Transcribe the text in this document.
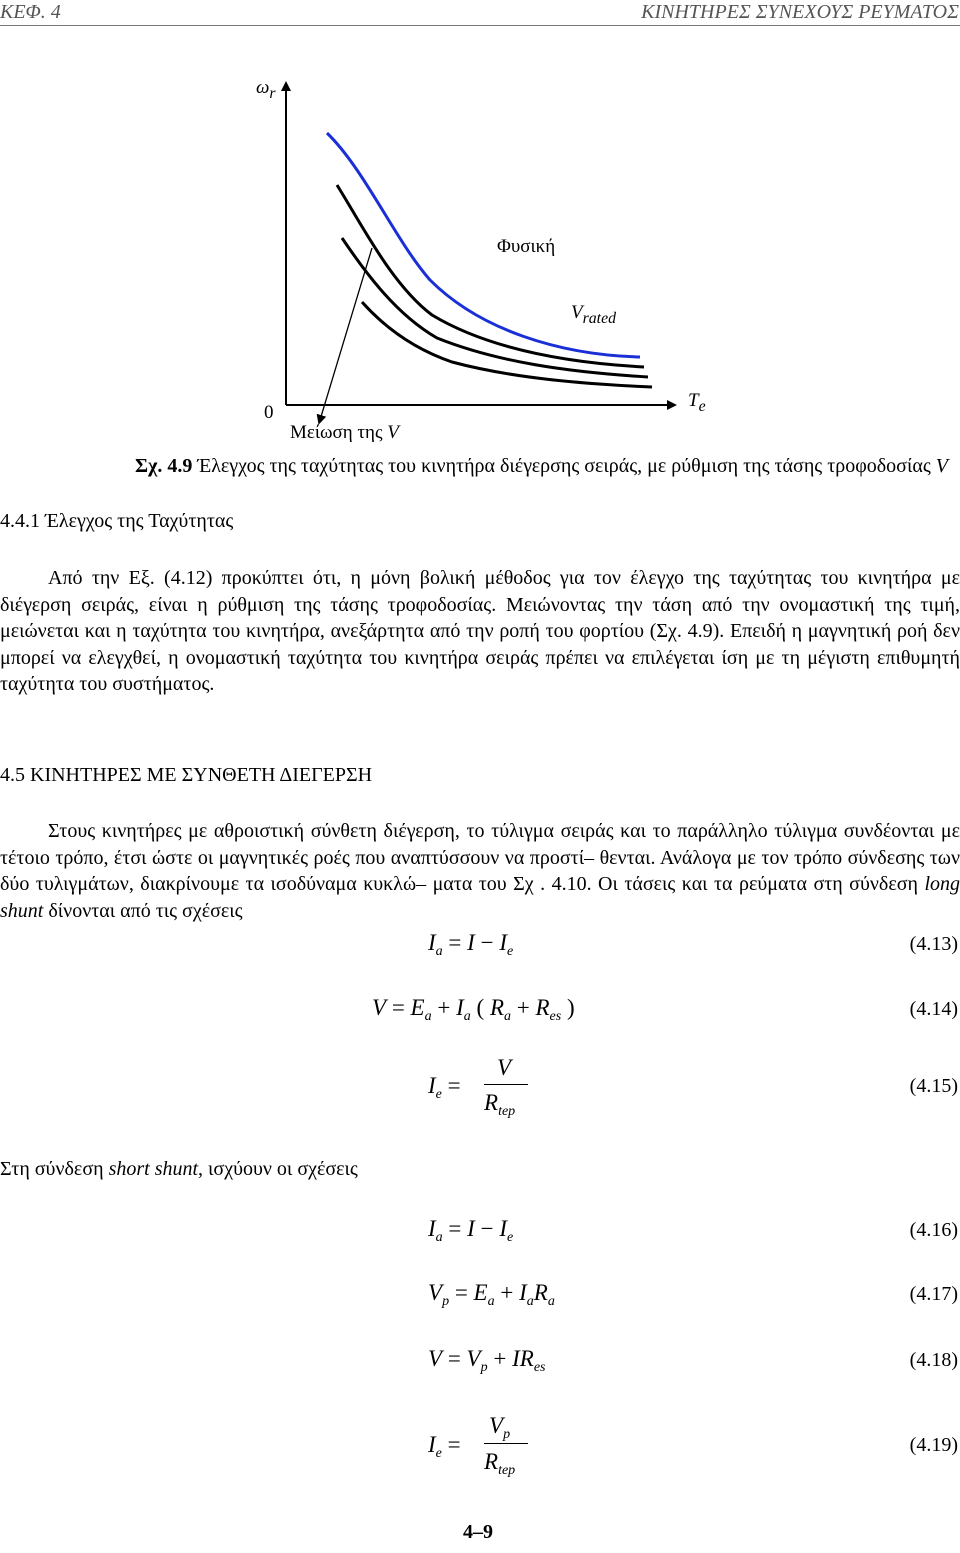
ΚΕΦ. 4	ΚΙΝΗΤΗΡΕΣ ΣΥΝΕΧΟΥΣ ΡΕΥΜΑΤΟΣ
$\omega_r$
$T_e$
0
Φυσική
$V_{rated}$
Μείωση της V
Σχ. 4.9 Έλεγχος της ταχύτητας του κινητήρα διέγερσης σειράς, με ρύθμιση της τάσης τροφοδοσίας V
4.4.1 Έλεγχος της Ταχύτητας

Από την Εξ. (4.12) προκύπτει ότι, η μόνη βολική μέθοδος για τον έλεγχο της ταχύτητας του κινητήρα με διέγερση σειράς, είναι η ρύθμιση της τάσης τροφοδοσίας. Μειώνοντας την τάση από την ονομαστική της τιμή, μειώνεται και η ταχύτητα του κινητήρα, ανεξάρτητα από την ροπή του φορτίου (Σχ. 4.9). Επειδή η μαγνητική ροή δεν μπορεί να ελεγχθεί, η ονομαστική ταχύτητα του κινητήρα σειράς πρέπει να επιλέγεται ίση με τη μέγιστη επιθυμητή ταχύτητα του συστήματος.

4.5 ΚΙΝΗΤΗΡΕΣ ΜΕ ΣΥΝΘΕΤΗ ΔΙΕΓΕΡΣΗ

Στους κινητήρες με αθροιστική σύνθετη διέγερση, το τύλιγμα σειράς και το παράλληλο τύλιγμα συνδέονται με τέτοιο τρόπο, έτσι ώστε οι μαγνητικές ροές που αναπτύσσουν να προστί– θενται. Ανάλογα με τον τρόπο σύνδεσης των δύο τυλιγμάτων, διακρίνουμε τα ισοδύναμα κυκλώ– ματα του Σχ . 4.10. Οι τάσεις και τα ρεύματα στη σύνδεση long shunt δίνονται από τις σχέσεις

$I_a = I - I_e$	(4.13)
$V = E_a + I_a$ ( $R_a + R_{es}$ )	(4.14)
$I_e$ =
V
$R_{tep}$
(4.15)
Στη σύνδεση short shunt, ισχύουν οι σχέσεις
$I_a = I - I_e$	(4.16)
$V_p = E_a + I_aR_a$	(4.17)
$V = V_p + IR_{es}$	(4.18)
$I_e$ =
$V_p$
$R_{tep}$
(4.19)
4–9
